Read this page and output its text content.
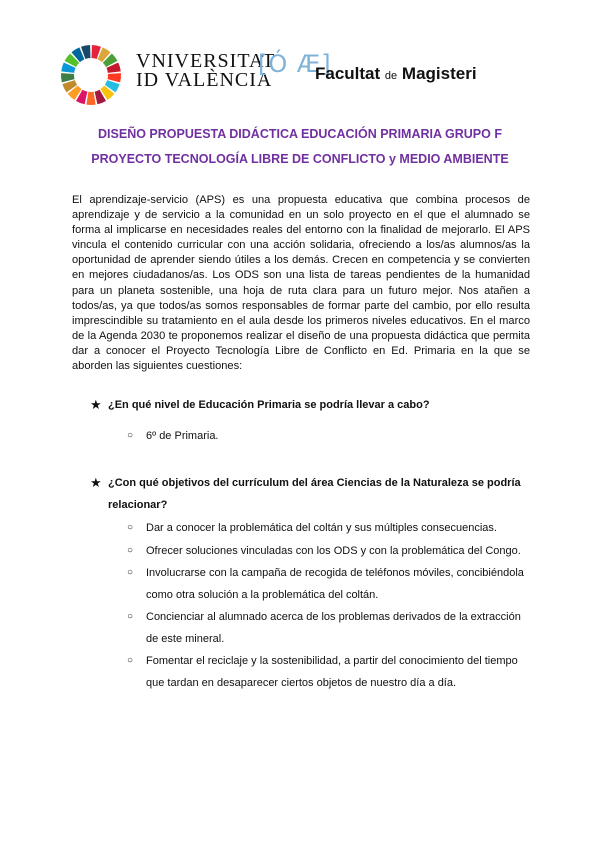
VNIVERSITAT
ID VALÈNCIA
[Ó Æ]
Facultat de Magisteri
DISEÑO PROPUESTA DIDÁCTICA EDUCACIÓN PRIMARIA GRUPO F
PROYECTO TECNOLOGÍA LIBRE DE CONFLICTO y MEDIO AMBIENTE

El aprendizaje-servicio (APS) es una propuesta educativa que combina procesos de aprendizaje y de servicio a la comunidad en un solo proyecto en el que el alumnado se forma al implicarse en necesidades reales del entorno con la finalidad de mejorarlo. El APS vincula el contenido curricular con una acción solidaria, ofreciendo a los/as alumnos/as la oportunidad de aprender siendo útiles a los demás. Crecen en competencia y se convierten en mejores ciudadanos/as. Los ODS son una lista de tareas pendientes de la humanidad para un planeta sostenible, una hoja de ruta clara para un futuro mejor. Nos atañen a todos/as, ya que todos/as somos responsables de formar parte del cambio, por ello resulta imprescindible su tratamiento en el aula desde los primeros niveles educativos. En el marco de la Agenda 2030 te proponemos realizar el diseño de una propuesta didáctica que permita dar a conocer el Proyecto Tecnología Libre de Conflicto en Ed. Primaria en la que se aborden las siguientes cuestiones:

★ ¿En qué nivel de Educación Primaria se podría llevar a cabo?
○	6º de Primaria.
★ ¿Con qué objetivos del currículum del área Ciencias de la Naturaleza se podría relacionar?
○	Dar a conocer la problemática del coltán y sus múltiples consecuencias.
○	Ofrecer soluciones vinculadas con los ODS y con la problemática del Congo.
○	Involucrarse con la campaña de recogida de teléfonos móviles, concibiéndola como otra solución a la problemática del coltán.
○	Concienciar al alumnado acerca de los problemas derivados de la extracción de este mineral.
○	Fomentar el reciclaje y la sostenibilidad, a partir del conocimiento del tiempo que tardan en desaparecer ciertos objetos de nuestro día a día.
